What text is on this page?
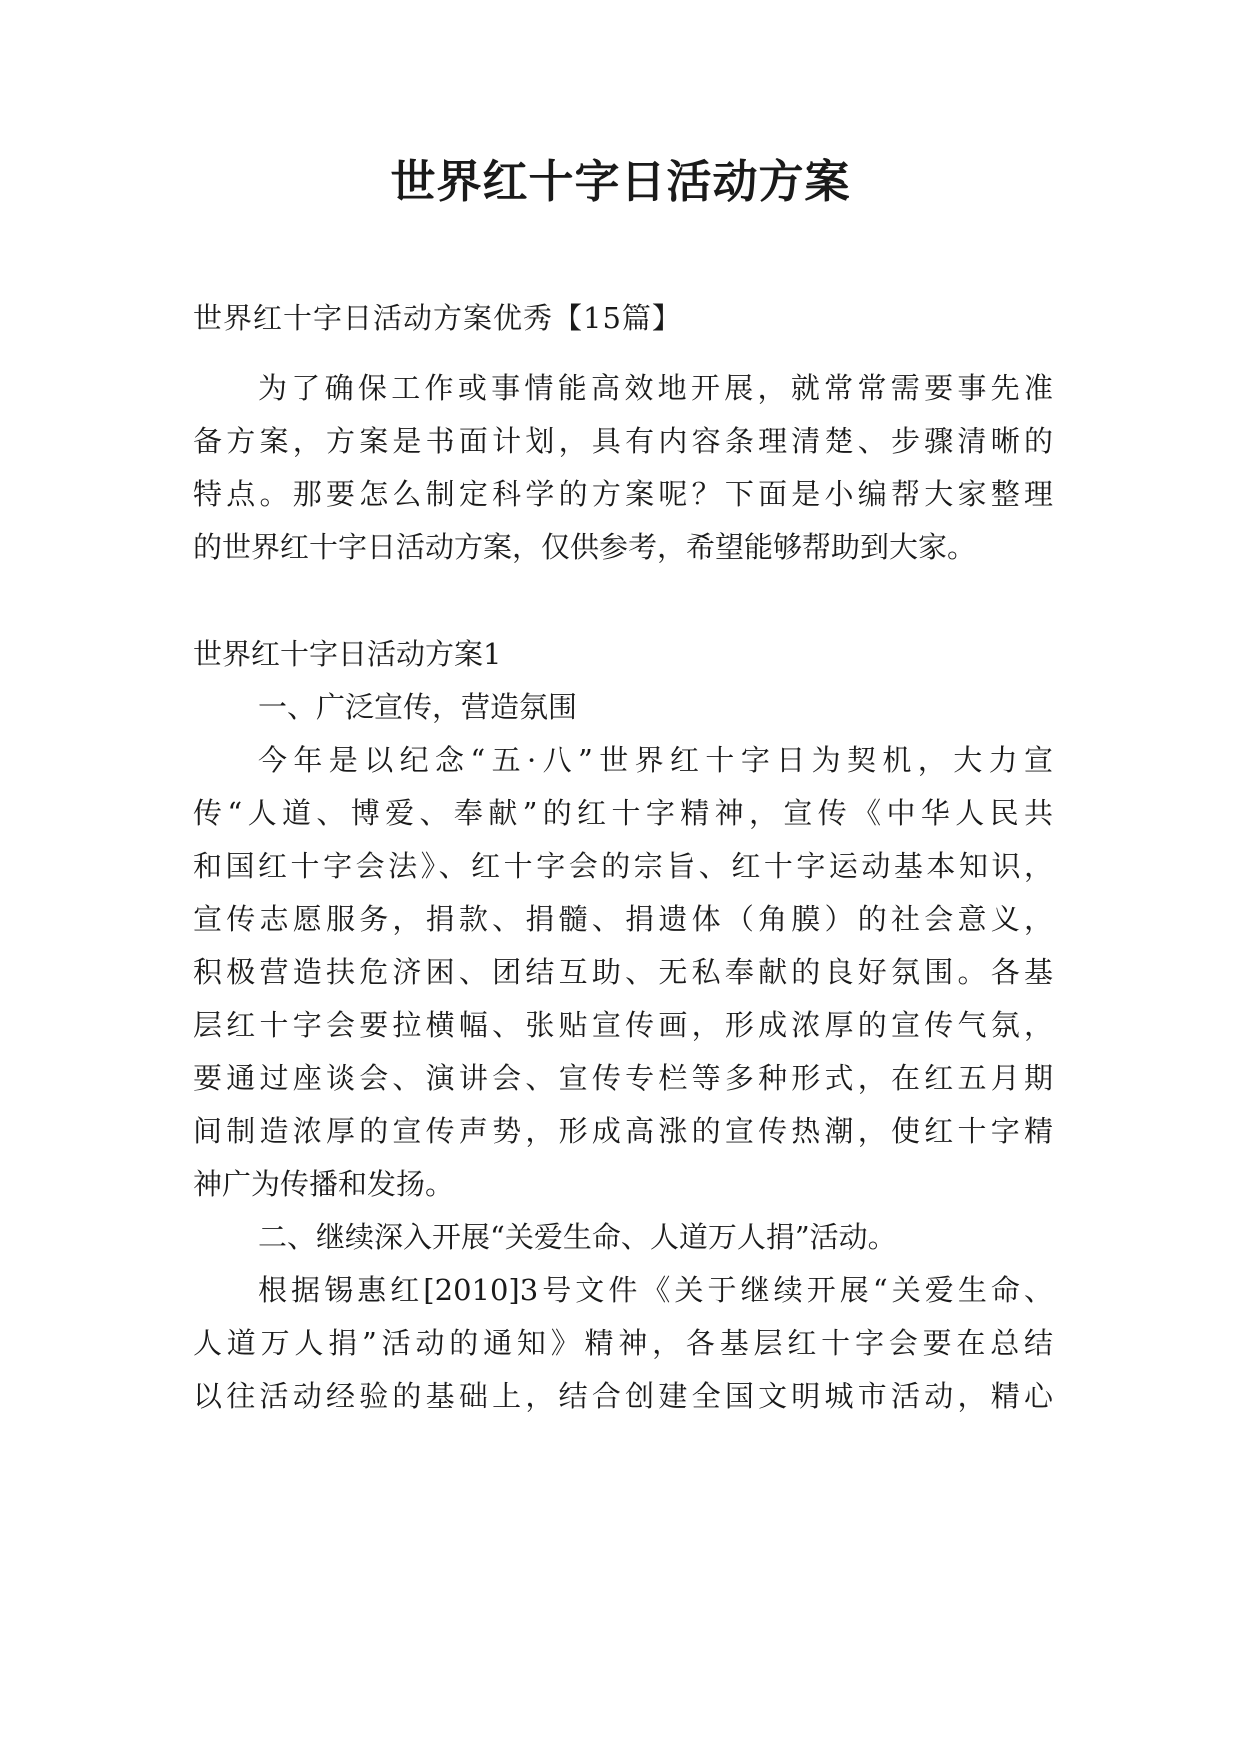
世界红十字日活动方案

世界红十字日活动方案优秀【15篇】

为了确保工作或事情能高效地开展，就常常需要事先准

备方案，方案是书面计划，具有内容条理清楚、步骤清晰的

特点。那要怎么制定科学的方案呢？下面是小编帮大家整理

的世界红十字日活动方案，仅供参考，希望能够帮助到大家。

世界红十字日活动方案1

一、广泛宣传，营造氛围

今年是以纪念“五·八”世界红十字日为契机，大力宣

传“人道、博爱、奉献”的红十字精神，宣传《中华人民共

和国红十字会法》、红十字会的宗旨、红十字运动基本知识，

宣传志愿服务，捐款、捐髓、捐遗体（角膜）的社会意义，

积极营造扶危济困、团结互助、无私奉献的良好氛围。各基

层红十字会要拉横幅、张贴宣传画，形成浓厚的宣传气氛，

要通过座谈会、演讲会、宣传专栏等多种形式，在红五月期

间制造浓厚的宣传声势，形成高涨的宣传热潮，使红十字精

神广为传播和发扬。

二、继续深入开展“关爱生命、人道万人捐”活动。

根据锡惠红[2010]3号文件《关于继续开展“关爱生命、

人道万人捐”活动的通知》精神，各基层红十字会要在总结

以往活动经验的基础上，结合创建全国文明城市活动，精心
